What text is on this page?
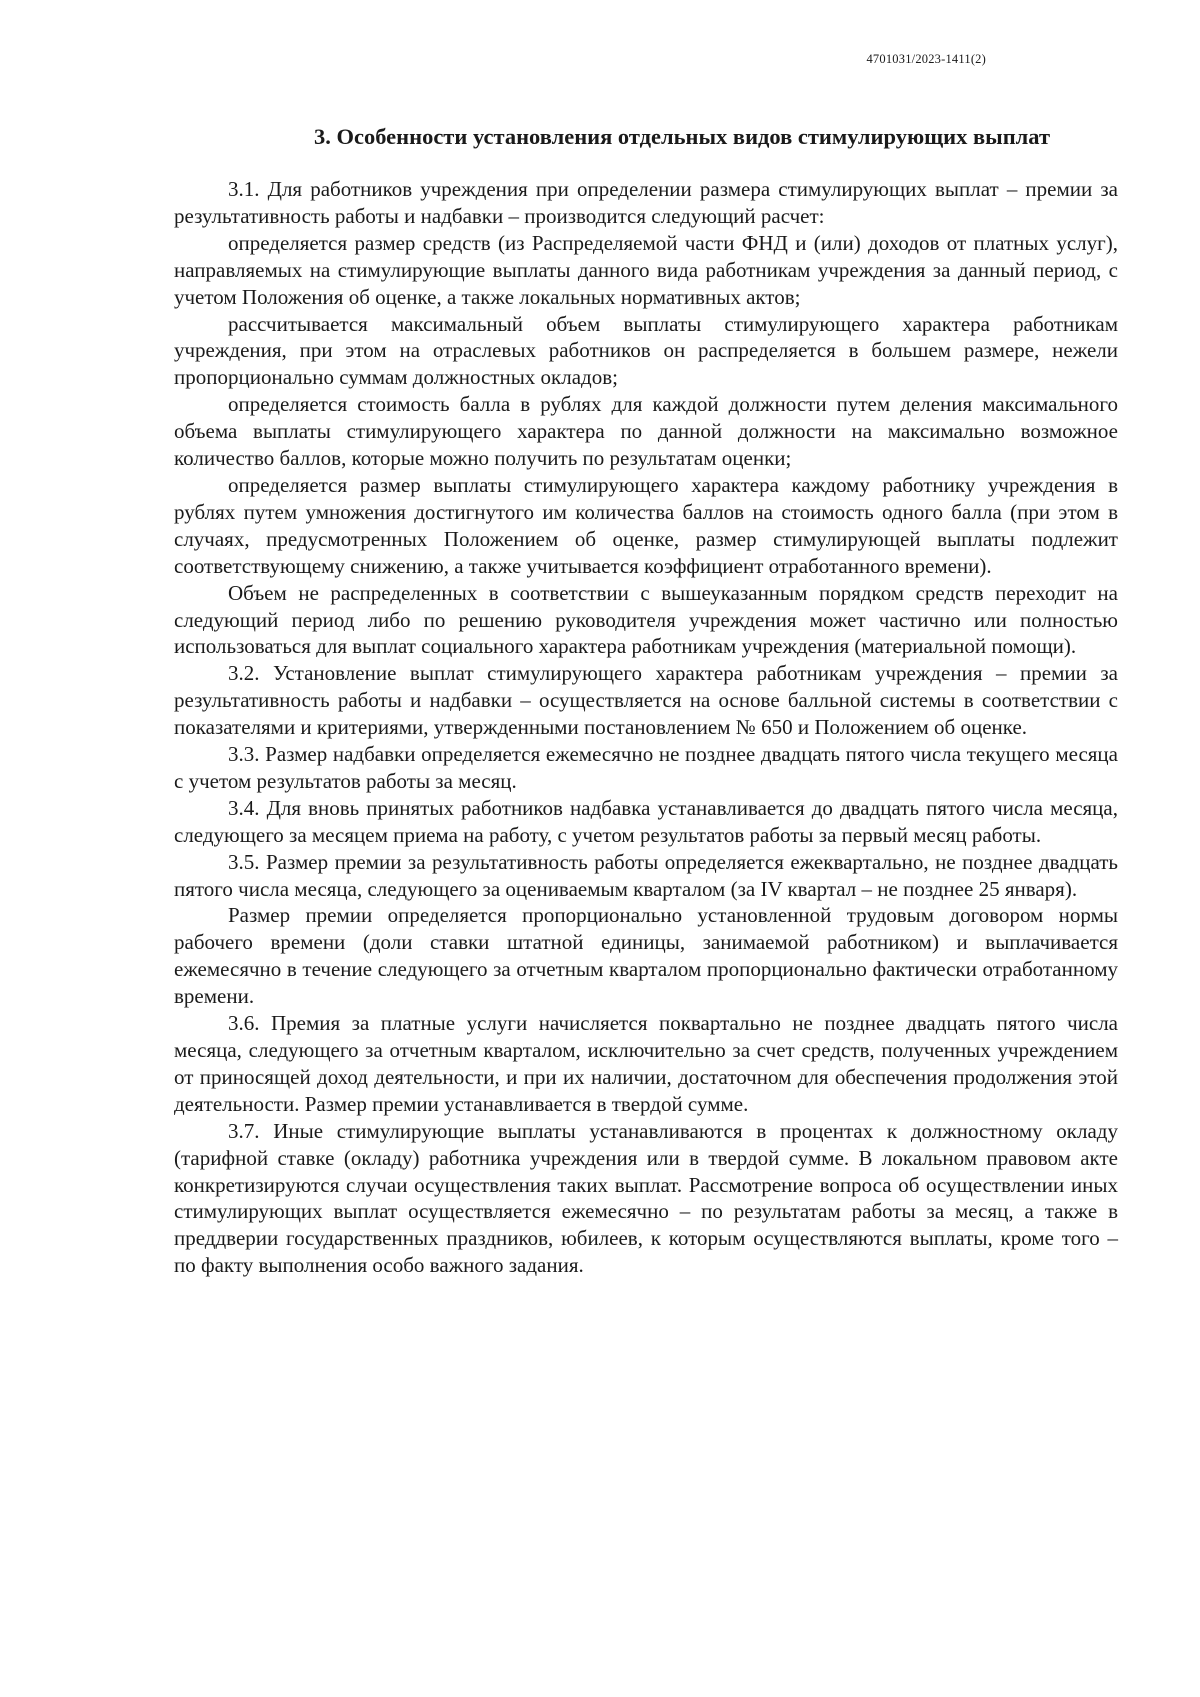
47010З1/2023-1411(2)
3. Особенности установления отдельных видов стимулирующих выплат

3.1. Для работников учреждения при определении размера стимулирующих выплат – премии за результативность работы и надбавки – производится следующий расчет:

определяется размер средств (из Распределяемой части ФНД и (или) доходов от платных услуг), направляемых на стимулирующие выплаты данного вида работникам учреждения за данный период, с учетом Положения об оценке, а также локальных нормативных актов;

рассчитывается максимальный объем выплаты стимулирующего характера работникам учреждения, при этом на отраслевых работников он распределяется в большем размере, нежели пропорционально суммам должностных окладов;

определяется стоимость балла в рублях для каждой должности путем деления максимального объема выплаты стимулирующего характера по данной должности на максимально возможное количество баллов, которые можно получить по результатам оценки;

определяется размер выплаты стимулирующего характера каждому работнику учреждения в рублях путем умножения достигнутого им количества баллов на стоимость одного балла (при этом в случаях, предусмотренных Положением об оценке, размер стимулирующей выплаты подлежит соответствующему снижению, а также учитывается коэффициент отработанного времени).

Объем не распределенных в соответствии с вышеуказанным порядком средств переходит на следующий период либо по решению руководителя учреждения может частично или полностью использоваться для выплат социального характера работникам учреждения (материальной помощи).

3.2. Установление выплат стимулирующего характера работникам учреждения – премии за результативность работы и надбавки – осуществляется на основе балльной системы в соответствии с показателями и критериями, утвержденными постановлением № 650 и Положением об оценке.

3.3. Размер надбавки определяется ежемесячно не позднее двадцать пятого числа текущего месяца с учетом результатов работы за месяц.

3.4. Для вновь принятых работников надбавка устанавливается до двадцать пятого числа месяца, следующего за месяцем приема на работу, с учетом результатов работы за первый месяц работы.

3.5. Размер премии за результативность работы определяется ежеквартально, не позднее двадцать пятого числа месяца, следующего за оцениваемым кварталом (за IV квартал – не позднее 25 января).

Размер премии определяется пропорционально установленной трудовым договором нормы рабочего времени (доли ставки штатной единицы, занимаемой работником) и выплачивается ежемесячно в течение следующего за отчетным кварталом пропорционально фактически отработанному времени.

3.6. Премия за платные услуги начисляется поквартально не позднее двадцать пятого числа месяца, следующего за отчетным кварталом, исключительно за счет средств, полученных учреждением от приносящей доход деятельности, и при их наличии, достаточном для обеспечения продолжения этой деятельности. Размер премии устанавливается в твердой сумме.

3.7. Иные стимулирующие выплаты устанавливаются в процентах к должностному окладу (тарифной ставке (окладу) работника учреждения или в твердой сумме. В локальном правовом акте конкретизируются случаи осуществления таких выплат. Рассмотрение вопроса об осуществлении иных стимулирующих выплат осуществляется ежемесячно – по результатам работы за месяц, а также в преддверии государственных праздников, юбилеев, к которым осуществляются выплаты, кроме того – по факту выполнения особо важного задания.
